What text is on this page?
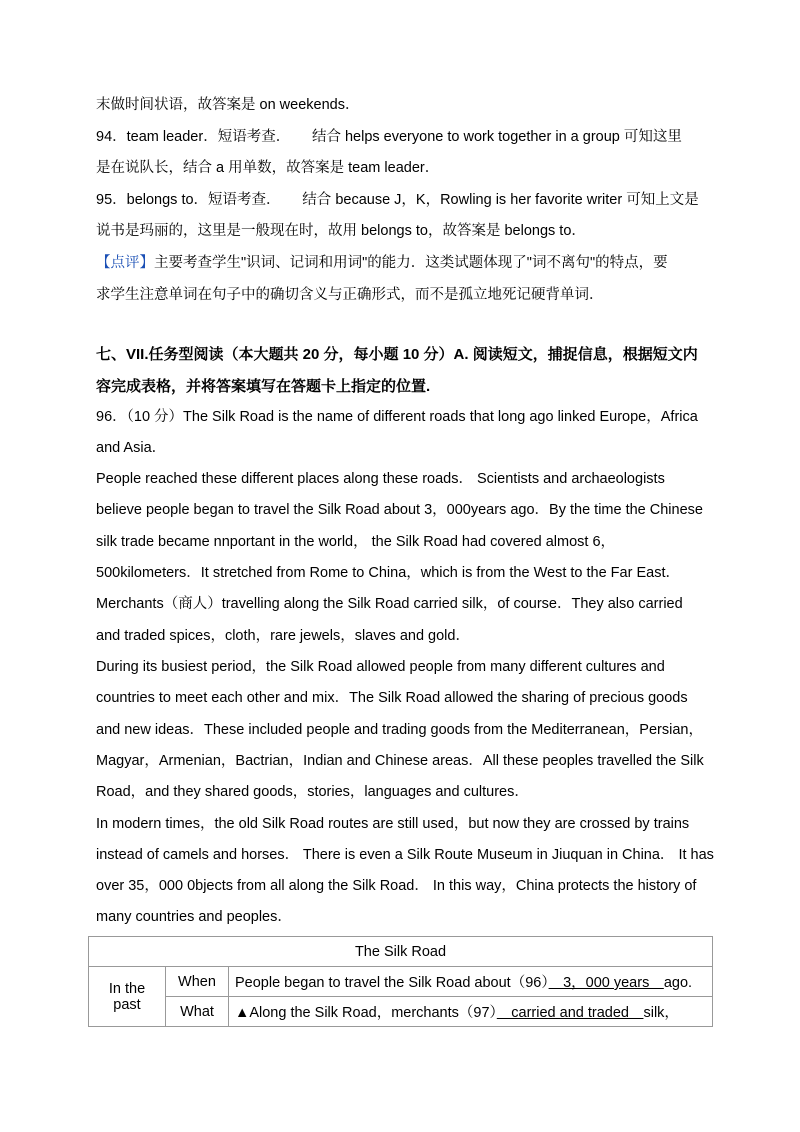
末做时间状语，故答案是 on weekends．
94．team leader．短语考查．　　结合 helps everyone to work together in a group 可知这里
是在说队长，结合 a 用单数，故答案是 team leader．
95．belongs to．短语考查．　　结合 because J，K，Rowling is her favorite writer 可知上文是
说书是玛丽的，这里是一般现在时，故用 belongs to，故答案是 belongs to．
【点评】主要考查学生"识词、记词和用词"的能力．这类试题体现了"词不离句"的特点，要
求学生注意单词在句子中的确切含义与正确形式，而不是孤立地死记硬背单词．
七、VII.任务型阅读（本大题共 20 分，每小题 10 分）A. 阅读短文，捕捉信息，根据短文内
容完成表格，并将答案填写在答题卡上指定的位置.
96．（10 分）The Silk Road is the name of different roads that long ago linked Europe，Africa
and Asia．
People reached these different places along these roads． Scientists and archaeologists
believe people began to travel the Silk Road about 3，000years ago．By the time the Chinese
silk trade became nnportant in the world， the Silk Road had covered almost 6，
500kilometers．It stretched from Rome to China，which is from the West to the Far East．
Merchants（商人）travelling along the Silk Road carried silk，of course．They also carried
and traded spices，cloth，rare jewels，slaves and gold．
During its busiest period，the Silk Road allowed people from many different cultures and
countries to meet each other and mix．The Silk Road allowed the sharing of precious goods
and new ideas．These included people and trading goods from the Mediterranean，Persian，
Magyar，Armenian，Bactrian，Indian and Chinese areas．All these peoples travelled the Silk
Road，and they shared goods，stories，languages and cultures．
In modern times，the old Silk Road routes are still used，but now they are crossed by trains
instead of camels and horses． There is even a Silk Route Museum in Jiuquan in China． It has
over 35，000 0bjects from all along the Silk Road． In this way，China protects the history of
many countries and peoples．
The Silk Road		
In the past	When	People began to travel the Silk Road about（96）　3，000 years　ago.
	What	▲Along the Silk Road，merchants（97）　carried and traded　silk，
